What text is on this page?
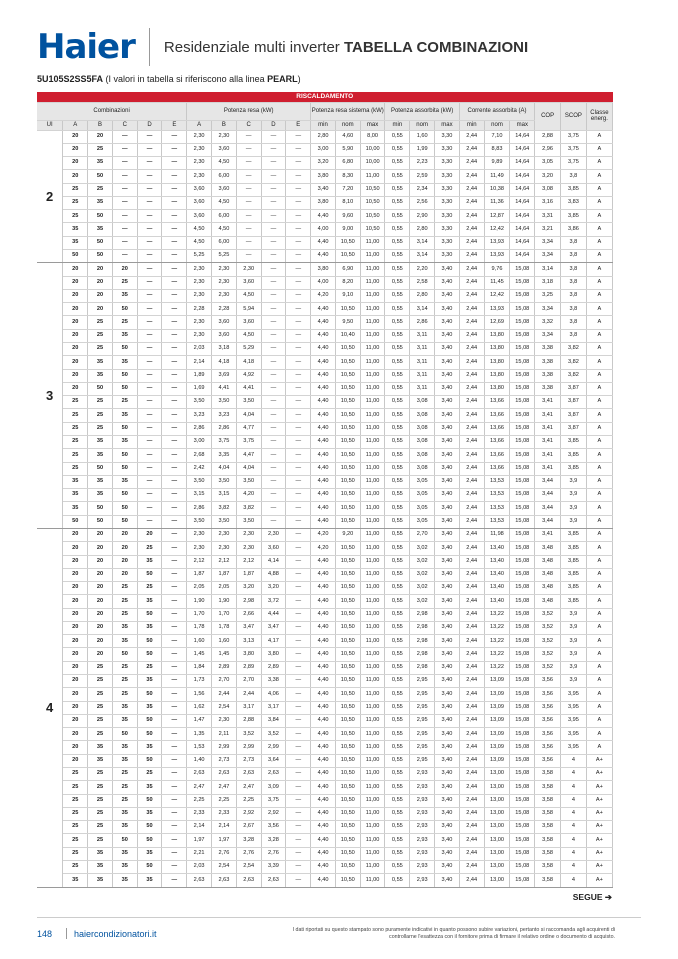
Haier Residenziale multi inverter TABELLA COMBINAZIONI
5U105S2SS5FA (I valori in tabella si riferiscono alla linea PEARL)
RISCALDAMENTO																						
Combinazioni						Potenza resa (kW)					Potenza resa sistema (kW)			Potenza assorbita (kW)			Corrente assorbita (A)			COP	SCOP	Classe energ.
UI	A	B	C	D	E	A	B	C	D	E	min	nom	max	min	nom	max	min	nom	max			
2	20	20	—	—	—	2,30	2,30	—	—	—	2,80	4,60	8,00	0,55	1,60	3,30	2,44	7,10	14,64	2,88	3,75	A
	20	25	—	—	—	2,30	3,60	—	—	—	3,00	5,90	10,00	0,55	1,99	3,30	2,44	8,83	14,64	2,96	3,75	A
	20	35	—	—	—	2,30	4,50	—	—	—	3,20	6,80	10,00	0,55	2,23	3,30	2,44	9,89	14,64	3,05	3,75	A
	20	50	—	—	—	2,30	6,00	—	—	—	3,80	8,30	11,00	0,55	2,59	3,30	2,44	11,49	14,64	3,20	3,8	A
	25	25	—	—	—	3,60	3,60	—	—	—	3,40	7,20	10,50	0,55	2,34	3,30	2,44	10,38	14,64	3,08	3,85	A
	25	35	—	—	—	3,60	4,50	—	—	—	3,80	8,10	10,50	0,55	2,56	3,30	2,44	11,36	14,64	3,16	3,83	A
	25	50	—	—	—	3,60	6,00	—	—	—	4,40	9,60	10,50	0,55	2,90	3,30	2,44	12,87	14,64	3,31	3,85	A
	35	35	—	—	—	4,50	4,50	—	—	—	4,00	9,00	10,50	0,55	2,80	3,30	2,44	12,42	14,64	3,21	3,86	A
	35	50	—	—	—	4,50	6,00	—	—	—	4,40	10,50	11,00	0,55	3,14	3,30	2,44	13,93	14,64	3,34	3,8	A
	50	50	—	—	—	5,25	5,25	—	—	—	4,40	10,50	11,00	0,55	3,14	3,30	2,44	13,93	14,64	3,34	3,8	A
3	20	20	20	—	—	2,30	2,30	2,30	—	—	3,80	6,90	11,00	0,55	2,20	3,40	2,44	9,76	15,08	3,14	3,8	A
	20	20	25	—	—	2,30	2,30	3,60	—	—	4,00	8,20	11,00	0,55	2,58	3,40	2,44	11,45	15,08	3,18	3,8	A
	20	20	35	—	—	2,30	2,30	4,50	—	—	4,20	9,10	11,00	0,55	2,80	3,40	2,44	12,42	15,08	3,25	3,8	A
	20	20	50	—	—	2,28	2,28	5,94	—	—	4,40	10,50	11,00	0,55	3,14	3,40	2,44	13,93	15,08	3,34	3,8	A
	20	25	25	—	—	2,30	3,60	3,60	—	—	4,40	9,50	11,00	0,55	2,86	3,40	2,44	12,69	15,08	3,32	3,8	A
	20	25	35	—	—	2,30	3,60	4,50	—	—	4,40	10,40	11,00	0,55	3,11	3,40	2,44	13,80	15,08	3,34	3,8	A
	20	25	50	—	—	2,03	3,18	5,29	—	—	4,40	10,50	11,00	0,55	3,11	3,40	2,44	13,80	15,08	3,38	3,82	A
	20	35	35	—	—	2,14	4,18	4,18	—	—	4,40	10,50	11,00	0,55	3,11	3,40	2,44	13,80	15,08	3,38	3,82	A
	20	35	50	—	—	1,89	3,69	4,92	—	—	4,40	10,50	11,00	0,55	3,11	3,40	2,44	13,80	15,08	3,38	3,82	A
	20	50	50	—	—	1,69	4,41	4,41	—	—	4,40	10,50	11,00	0,55	3,11	3,40	2,44	13,80	15,08	3,38	3,87	A
	25	25	25	—	—	3,50	3,50	3,50	—	—	4,40	10,50	11,00	0,55	3,08	3,40	2,44	13,66	15,08	3,41	3,87	A
	25	25	35	—	—	3,23	3,23	4,04	—	—	4,40	10,50	11,00	0,55	3,08	3,40	2,44	13,66	15,08	3,41	3,87	A
	25	25	50	—	—	2,86	2,86	4,77	—	—	4,40	10,50	11,00	0,55	3,08	3,40	2,44	13,66	15,08	3,41	3,87	A
	25	35	35	—	—	3,00	3,75	3,75	—	—	4,40	10,50	11,00	0,55	3,08	3,40	2,44	13,66	15,08	3,41	3,85	A
	25	35	50	—	—	2,68	3,35	4,47	—	—	4,40	10,50	11,00	0,55	3,08	3,40	2,44	13,66	15,08	3,41	3,85	A
	25	50	50	—	—	2,42	4,04	4,04	—	—	4,40	10,50	11,00	0,55	3,08	3,40	2,44	13,66	15,08	3,41	3,85	A
	35	35	35	—	—	3,50	3,50	3,50	—	—	4,40	10,50	11,00	0,55	3,05	3,40	2,44	13,53	15,08	3,44	3,9	A
	35	35	50	—	—	3,15	3,15	4,20	—	—	4,40	10,50	11,00	0,55	3,05	3,40	2,44	13,53	15,08	3,44	3,9	A
	35	50	50	—	—	2,86	3,82	3,82	—	—	4,40	10,50	11,00	0,55	3,05	3,40	2,44	13,53	15,08	3,44	3,9	A
	50	50	50	—	—	3,50	3,50	3,50	—	—	4,40	10,50	11,00	0,55	3,05	3,40	2,44	13,53	15,08	3,44	3,9	A
4	20	20	20	20	—	2,30	2,30	2,30	2,30	—	4,20	9,20	11,00	0,55	2,70	3,40	2,44	11,98	15,08	3,41	3,85	A
	20	20	20	25	—	2,30	2,30	2,30	3,60	—	4,20	10,50	11,00	0,55	3,02	3,40	2,44	13,40	15,08	3,48	3,85	A
	20	20	20	35	—	2,12	2,12	2,12	4,14	—	4,40	10,50	11,00	0,55	3,02	3,40	2,44	13,40	15,08	3,48	3,85	A
	20	20	20	50	—	1,87	1,87	1,87	4,88	—	4,40	10,50	11,00	0,55	3,02	3,40	2,44	13,40	15,08	3,48	3,85	A
	20	20	25	25	—	2,05	2,05	3,20	3,20	—	4,40	10,50	11,00	0,55	3,02	3,40	2,44	13,40	15,08	3,48	3,85	A
	20	20	25	35	—	1,90	1,90	2,98	3,72	—	4,40	10,50	11,00	0,55	3,02	3,40	2,44	13,40	15,08	3,48	3,85	A
	20	20	25	50	—	1,70	1,70	2,66	4,44	—	4,40	10,50	11,00	0,55	2,98	3,40	2,44	13,22	15,08	3,52	3,9	A
	20	20	35	35	—	1,78	1,78	3,47	3,47	—	4,40	10,50	11,00	0,55	2,98	3,40	2,44	13,22	15,08	3,52	3,9	A
	20	20	35	50	—	1,60	1,60	3,13	4,17	—	4,40	10,50	11,00	0,55	2,98	3,40	2,44	13,22	15,08	3,52	3,9	A
	20	20	50	50	—	1,45	1,45	3,80	3,80	—	4,40	10,50	11,00	0,55	2,98	3,40	2,44	13,22	15,08	3,52	3,9	A
	20	25	25	25	—	1,84	2,89	2,89	2,89	—	4,40	10,50	11,00	0,55	2,98	3,40	2,44	13,22	15,08	3,52	3,9	A
	20	25	25	35	—	1,73	2,70	2,70	3,38	—	4,40	10,50	11,00	0,55	2,95	3,40	2,44	13,09	15,08	3,56	3,9	A
	20	25	25	50	—	1,56	2,44	2,44	4,06	—	4,40	10,50	11,00	0,55	2,95	3,40	2,44	13,09	15,08	3,56	3,95	A
	20	25	35	35	—	1,62	2,54	3,17	3,17	—	4,40	10,50	11,00	0,55	2,95	3,40	2,44	13,09	15,08	3,56	3,95	A
	20	25	35	50	—	1,47	2,30	2,88	3,84	—	4,40	10,50	11,00	0,55	2,95	3,40	2,44	13,09	15,08	3,56	3,95	A
	20	25	50	50	—	1,35	2,11	3,52	3,52	—	4,40	10,50	11,00	0,55	2,95	3,40	2,44	13,09	15,08	3,56	3,95	A
	20	35	35	35	—	1,53	2,99	2,99	2,99	—	4,40	10,50	11,00	0,55	2,95	3,40	2,44	13,09	15,08	3,56	3,95	A
	20	35	35	50	—	1,40	2,73	2,73	3,64	—	4,40	10,50	11,00	0,55	2,95	3,40	2,44	13,09	15,08	3,56	4	A+
	25	25	25	25	—	2,63	2,63	2,63	2,63	—	4,40	10,50	11,00	0,55	2,93	3,40	2,44	13,00	15,08	3,58	4	A+
	25	25	25	35	—	2,47	2,47	2,47	3,09	—	4,40	10,50	11,00	0,55	2,93	3,40	2,44	13,00	15,08	3,58	4	A+
	25	25	25	50	—	2,25	2,25	2,25	3,75	—	4,40	10,50	11,00	0,55	2,93	3,40	2,44	13,00	15,08	3,58	4	A+
	25	25	35	35	—	2,33	2,33	2,92	2,92	—	4,40	10,50	11,00	0,55	2,93	3,40	2,44	13,00	15,08	3,58	4	A+
	25	25	35	50	—	2,14	2,14	2,67	3,56	—	4,40	10,50	11,00	0,55	2,93	3,40	2,44	13,00	15,08	3,58	4	A+
	25	25	50	50	—	1,97	1,97	3,28	3,28	—	4,40	10,50	11,00	0,55	2,93	3,40	2,44	13,00	15,08	3,58	4	A+
	25	35	35	35	—	2,21	2,76	2,76	2,76	—	4,40	10,50	11,00	0,55	2,93	3,40	2,44	13,00	15,08	3,58	4	A+
	25	35	35	50	—	2,03	2,54	2,54	3,39	—	4,40	10,50	11,00	0,55	2,93	3,40	2,44	13,00	15,08	3,58	4	A+
	35	35	35	35	—	2,63	2,63	2,63	2,63	—	4,40	10,50	11,00	0,55	2,93	3,40	2,44	13,00	15,08	3,58	4	A+
SEGUE ➔
148 haiercondizionatori.it	I dati riportati su questo stampato sono puramente indicativi in quanto possono subire variazioni, pertanto si raccomanda agli acquirenti di controllarne l'esattezza con il fornitore prima di firmare il relativo ordine o documento di acquisto.
